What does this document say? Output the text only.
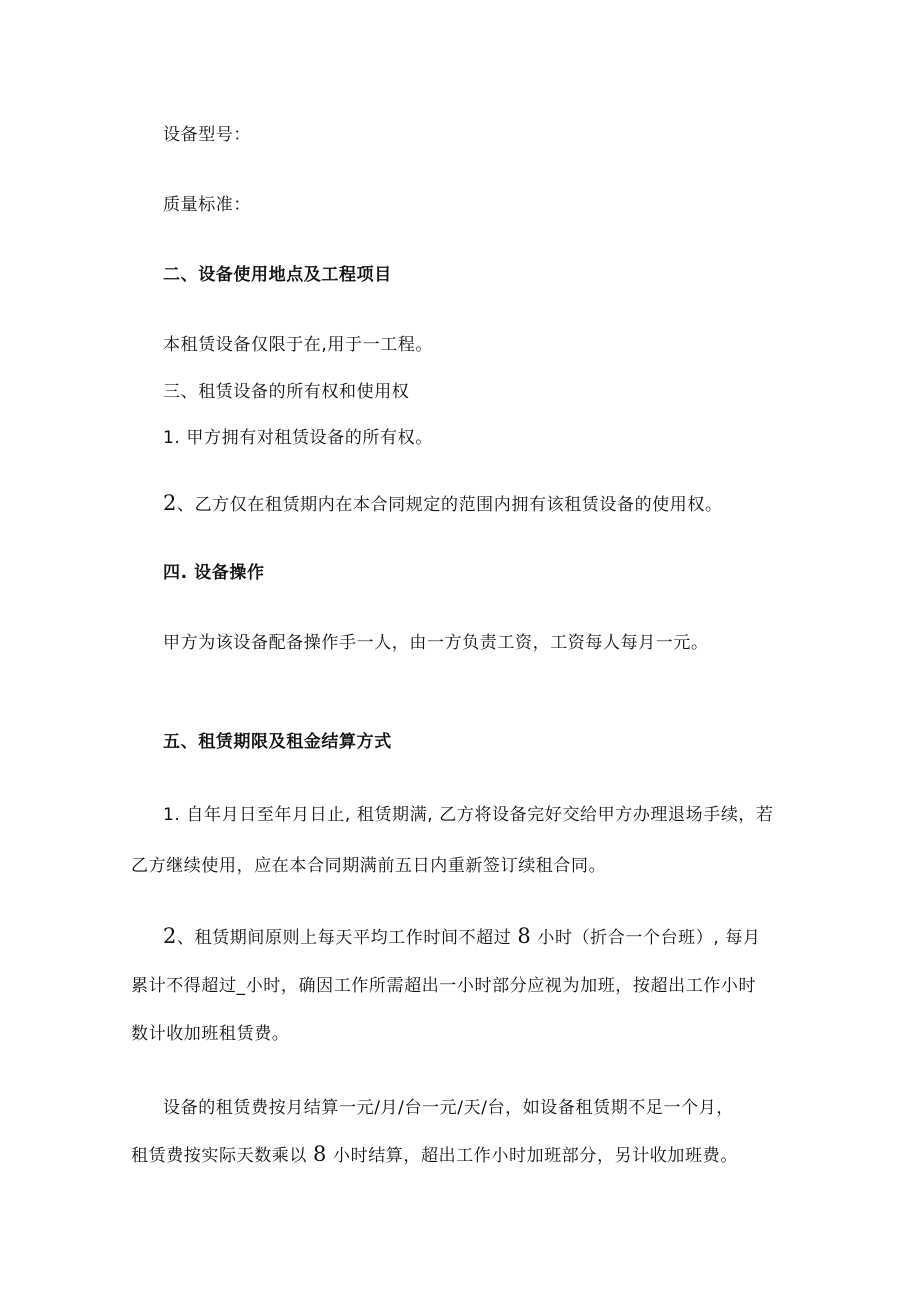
设备型号：
质量标准：
二、设备使用地点及工程项目
本租赁设备仅限于在,用于一工程。
三、租赁设备的所有权和使用权
1. 甲方拥有对租赁设备的所有权。
2、乙方仅在租赁期内在本合同规定的范围内拥有该租赁设备的使用权。
四. 设备操作
甲方为该设备配备操作手一人，由一方负责工资，工资每人每月一元。
五、租赁期限及租金结算方式
1. 自年月日至年月日止, 租赁期满, 乙方将设备完好交给甲方办理退场手续，若
乙方继续使用，应在本合同期满前五日内重新签订续租合同。
2、租赁期间原则上每天平均工作时间不超过 8 小时（折合一个台班）, 每月
累计不得超过_小时，确因工作所需超出一小时部分应视为加班，按超出工作小时
数计收加班租赁费。
设备的租赁费按月结算一元/月/台一元/天/台，如设备租赁期不足一个月，
租赁费按实际天数乘以 8 小时结算，超出工作小时加班部分，另计收加班费。
